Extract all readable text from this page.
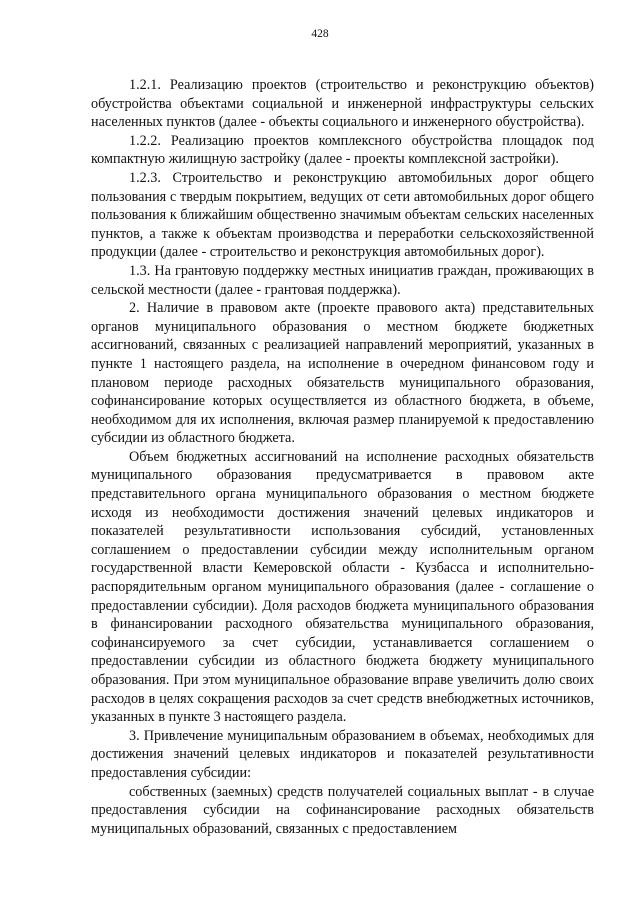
428

1.2.1. Реализацию проектов (строительство и реконструкцию объектов) обустройства объектами социальной и инженерной инфраструктуры сельских населенных пунктов (далее - объекты социального и инженерного обустройства).

1.2.2. Реализацию проектов комплексного обустройства площадок под компактную жилищную застройку (далее - проекты комплексной застройки).

1.2.3. Строительство и реконструкцию автомобильных дорог общего пользования с твердым покрытием, ведущих от сети автомобильных дорог общего пользования к ближайшим общественно значимым объектам сельских населенных пунктов, а также к объектам производства и переработки сельскохозяйственной продукции (далее - строительство и реконструкция автомобильных дорог).

1.3. На грантовую поддержку местных инициатив граждан, проживающих в сельской местности (далее - грантовая поддержка).

2. Наличие в правовом акте (проекте правового акта) представительных органов муниципального образования о местном бюджете бюджетных ассигнований, связанных с реализацией направлений мероприятий, указанных в пункте 1 настоящего раздела, на исполнение в очередном финансовом году и плановом периоде расходных обязательств муниципального образования, софинансирование которых осуществляется из областного бюджета, в объеме, необходимом для их исполнения, включая размер планируемой к предоставлению субсидии из областного бюджета.

Объем бюджетных ассигнований на исполнение расходных обязательств муниципального образования предусматривается в правовом акте представительного органа муниципального образования о местном бюджете исходя из необходимости достижения значений целевых индикаторов и показателей результативности использования субсидий, установленных соглашением о предоставлении субсидии между исполнительным органом государственной власти Кемеровской области - Кузбасса и исполнительно-распорядительным органом муниципального образования (далее - соглашение о предоставлении субсидии). Доля расходов бюджета муниципального образования в финансировании расходного обязательства муниципального образования, софинансируемого за счет субсидии, устанавливается соглашением о предоставлении субсидии из областного бюджета бюджету муниципального образования. При этом муниципальное образование вправе увеличить долю своих расходов в целях сокращения расходов за счет средств внебюджетных источников, указанных в пункте 3 настоящего раздела.

3. Привлечение муниципальным образованием в объемах, необходимых для достижения значений целевых индикаторов и показателей результативности предоставления субсидии:

собственных (заемных) средств получателей социальных выплат - в случае предоставления субсидии на софинансирование расходных обязательств муниципальных образований, связанных с предоставлением
